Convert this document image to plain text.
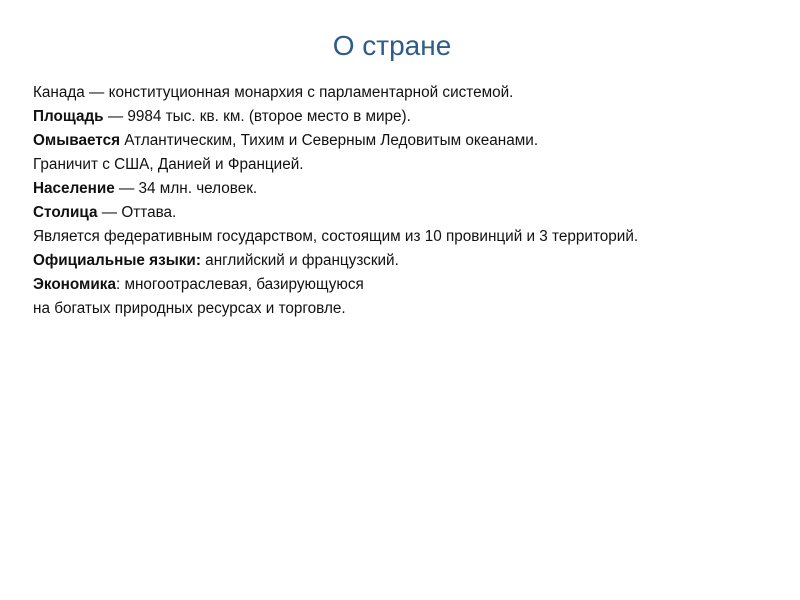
О стране
Канада — конституционная монархия с парламентарной системой.
Площадь — 9984 тыс. кв. км. (второе место в мире).
Омывается Атлантическим, Тихим и Северным Ледовитым океанами.
Граничит с США, Данией и Францией.
Население — 34 млн. человек.
Столица — Оттава.
Является федеративным государством, состоящим из 10 провинций и 3 территорий.
Официальные языки: английский и французский.
Экономика: многоотраслевая, базирующуюся
на богатых природных ресурсах и торговле.
